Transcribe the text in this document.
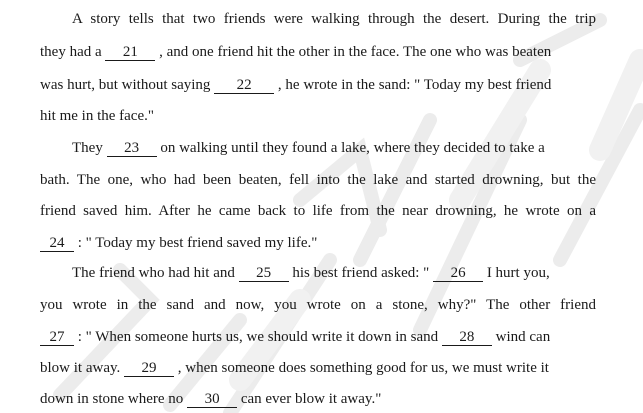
A story tells that two friends were walking through the desert. During the trip
they had a 21 , and one friend hit the other in the face. The one who was beaten
was hurt, but without saying 22 , he wrote in the sand: " Today my best friend
hit me in the face."
They 23 on walking until they found a lake, where they decided to take a
bath. The one, who had been beaten, fell into the lake and started drowning, but the
friend saved him. After he came back to life from the near drowning, he wrote on a
24 : " Today my best friend saved my life."
The friend who had hit and 25 his best friend asked: " 26 I hurt you,
you wrote in the sand and now, you wrote on a stone, why?" The other friend
27 : " When someone hurts us, we should write it down in sand 28 wind can
blow it away. 29 , when someone does something good for us, we must write it
down in stone where no 30 can ever blow it away."
